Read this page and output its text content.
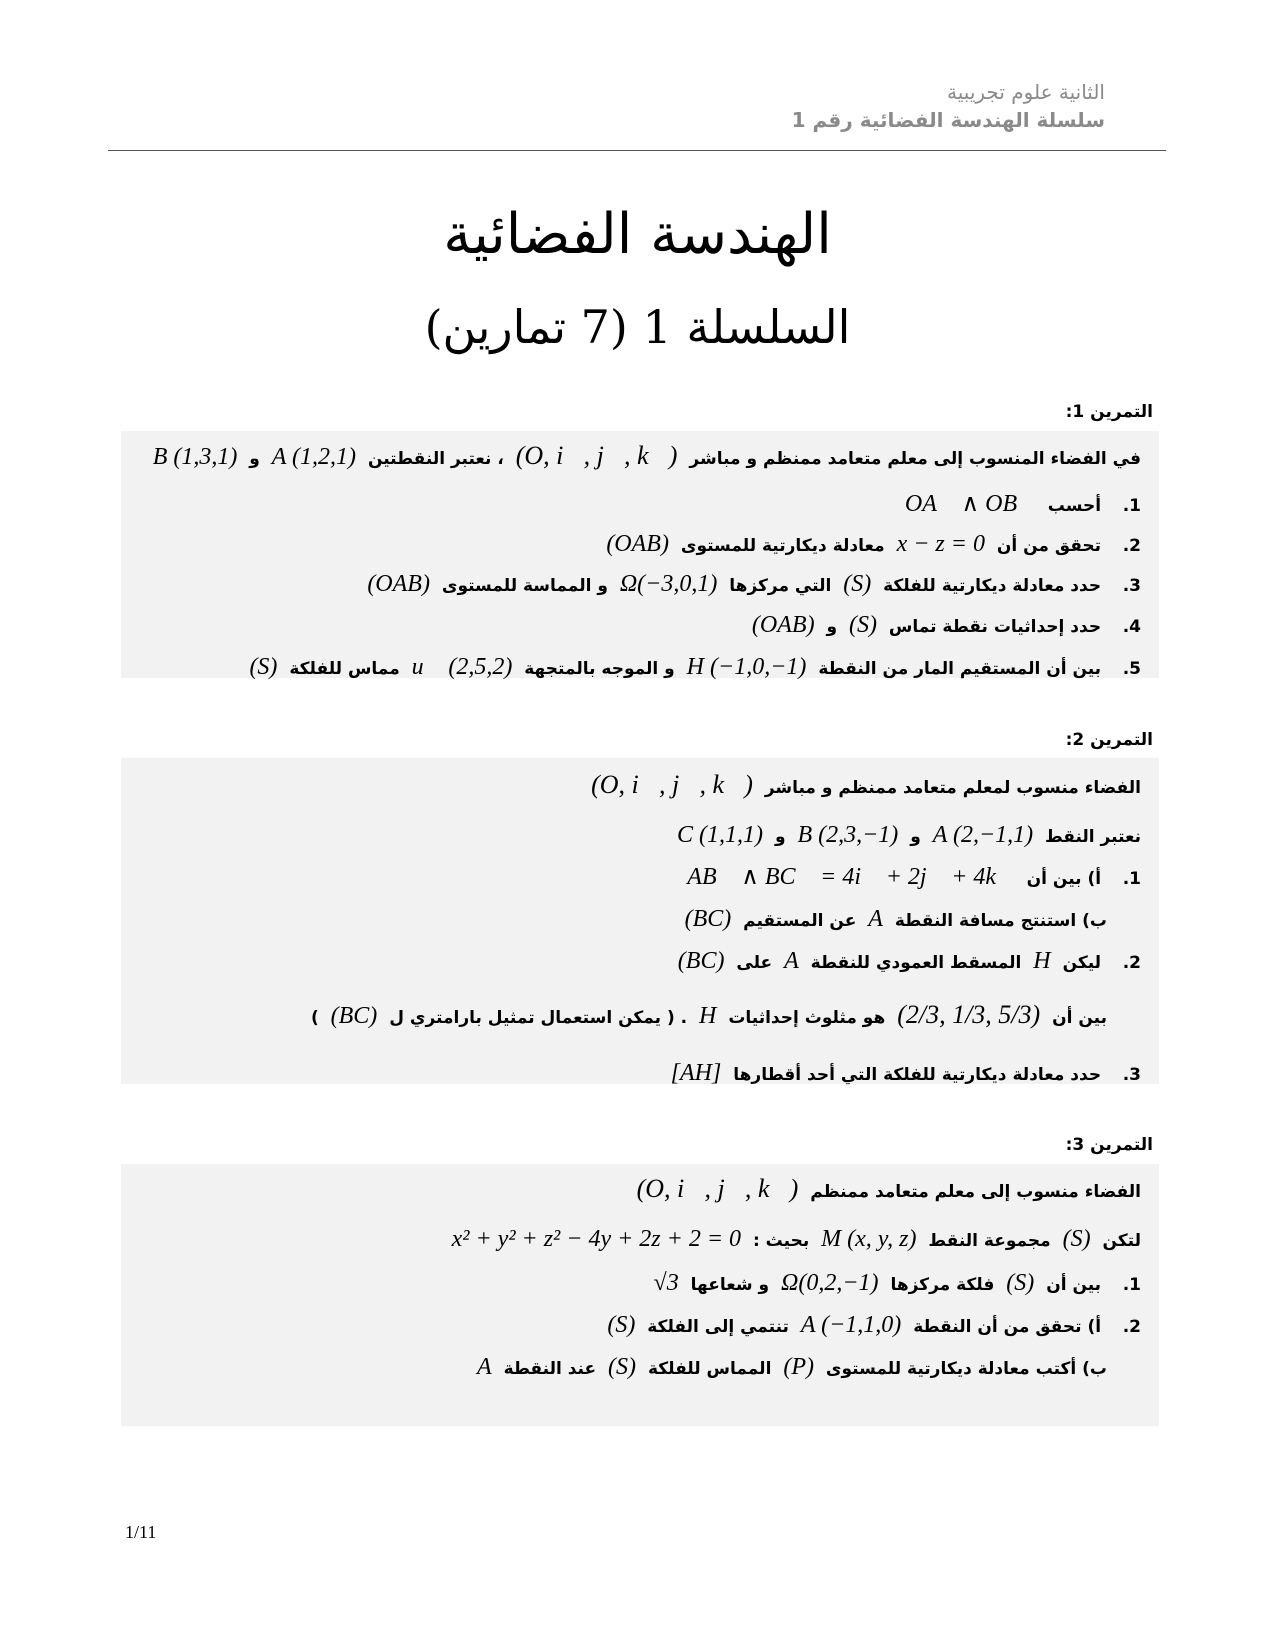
الثانية علوم تجريبية
سلسلة الهندسة الفضائية رقم 1
الهندسة الفضائية
السلسلة 1 (7 تمارين)
التمرين 1:
في الفضاء المنسوب إلى معلم متعامد ممنظم و مباشر (O, i⃗, j⃗, k⃗) ، نعتبر النقطتين A (1,2,1) و B (1,3,1)
1. أحسب OA⃗ ∧ OB⃗
2. تحقق من أن x − z = 0 معادلة ديكارتية للمستوى (OAB)
3. حدد معادلة ديكارتية للفلكة (S) التي مركزها Ω(−3,0,1) و المماسة للمستوى (OAB)
4. حدد إحداثيات نقطة تماس (S) و (OAB)
5. بين أن المستقيم المار من النقطة H (−1,0,−1) و الموجه بالمتجهة u⃗ (2,5,2) مماس للفلكة (S)
التمرين 2:
الفضاء منسوب لمعلم متعامد ممنظم و مباشر (O, i⃗, j⃗, k⃗)
نعتبر النقط A (2,−1,1) و B (2,3,−1) و C (1,1,1)
1. أ) بين أن AB⃗ ∧ BC⃗ = 4i⃗ + 2j⃗ + 4k⃗
ب) استنتج مسافة النقطة A عن المستقيم (BC)
2. ليكن H المسقط العمودي للنقطة A على (BC)
بين أن (2/3, 1/3, 5/3) هو مثلوث إحداثيات H . ( يمكن استعمال تمثيل بارامتري ل (BC) )
3. حدد معادلة ديكارتية للفلكة التي أحد أقطارها [AH]
التمرين 3:
الفضاء منسوب إلى معلم متعامد ممنظم (O, i⃗, j⃗, k⃗)
لتكن (S) مجموعة النقط M (x, y, z) بحيث : x² + y² + z² − 4y + 2z + 2 = 0
1. بين أن (S) فلكة مركزها Ω(0,2,−1) و شعاعها √3
2. أ) تحقق من أن النقطة A (−1,1,0) تنتمي إلى الفلكة (S)
ب) أكتب معادلة ديكارتية للمستوى (P) المماس للفلكة (S) عند النقطة A
1/11
